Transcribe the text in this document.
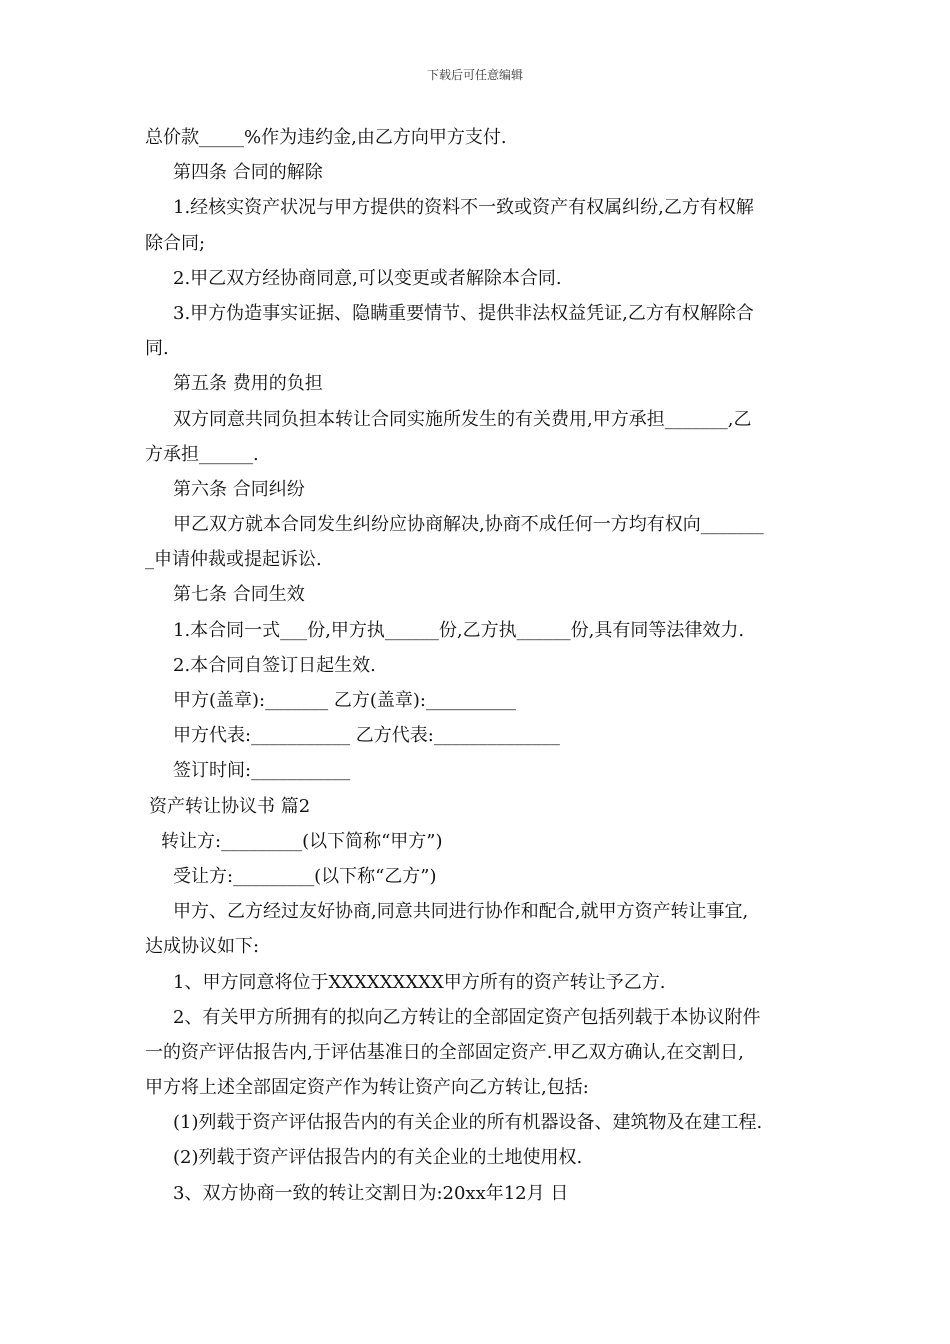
下载后可任意编辑
总价款_____%作为违约金,由乙方向甲方支付.
第四条 合同的解除
1.经核实资产状况与甲方提供的资料不一致或资产有权属纠纷,乙方有权解
除合同;
2.甲乙双方经协商同意,可以变更或者解除本合同.
3.甲方伪造事实证据、隐瞒重要情节、提供非法权益凭证,乙方有权解除合
同.
第五条 费用的负担
双方同意共同负担本转让合同实施所发生的有关费用,甲方承担_______,乙
方承担______.
第六条 合同纠纷
甲乙双方就本合同发生纠纷应协商解决,协商不成任何一方均有权向_______
_申请仲裁或提起诉讼.
第七条 合同生效
1.本合同一式___份,甲方执______份,乙方执______份,具有同等法律效力.
2.本合同自签订日起生效.
甲方(盖章):_______ 乙方(盖章):__________
甲方代表:___________ 乙方代表:______________
签订时间:___________
资产转让协议书 篇2
转让方:_________(以下简称“甲方”)
受让方:_________(以下称“乙方”)
甲方、乙方经过友好协商,同意共同进行协作和配合,就甲方资产转让事宜,
达成协议如下:
1、甲方同意将位于XXXXXXXXX甲方所有的资产转让予乙方.
2、有关甲方所拥有的拟向乙方转让的全部固定资产包括列载于本协议附件
一的资产评估报告内,于评估基准日的全部固定资产.甲乙双方确认,在交割日,
甲方将上述全部固定资产作为转让资产向乙方转让,包括:
(1)列载于资产评估报告内的有关企业的所有机器设备、建筑物及在建工程.
(2)列载于资产评估报告内的有关企业的土地使用权.
3、双方协商一致的转让交割日为:20xx年12月 日
